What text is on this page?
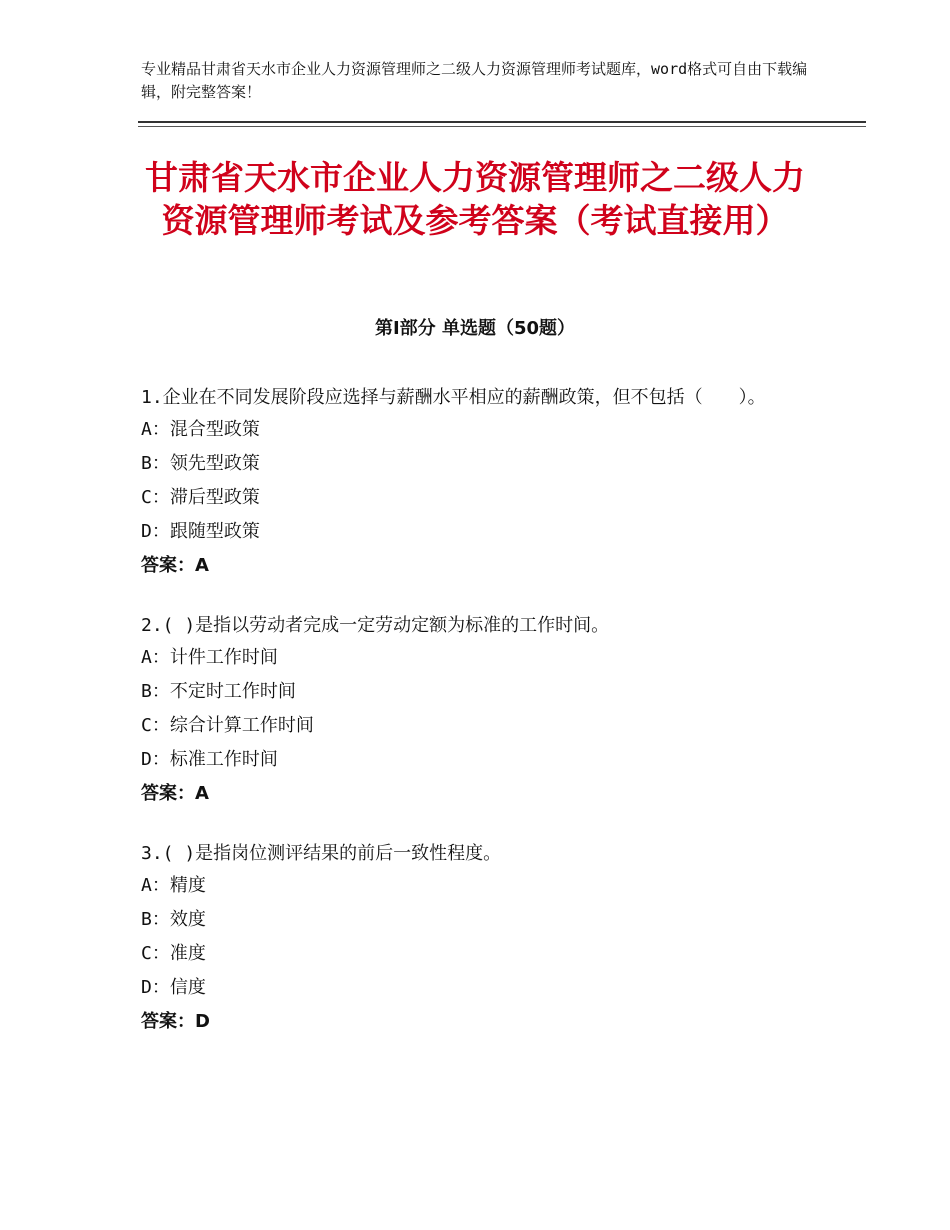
专业精品甘肃省天水市企业人力资源管理师之二级人力资源管理师考试题库，word格式可自由下载编辑，附完整答案！
甘肃省天水市企业人力资源管理师之二级人力资源管理师考试及参考答案（考试直接用）
第Ⅰ部分 单选题（50题）

1.企业在不同发展阶段应选择与薪酬水平相应的薪酬政策，但不包括（　　）。

A：混合型政策

B：领先型政策

C：滞后型政策

D：跟随型政策

答案：A

2.( )是指以劳动者完成一定劳动定额为标准的工作时间。

A：计件工作时间

B：不定时工作时间

C：综合计算工作时间

D：标准工作时间

答案：A

3.( )是指岗位测评结果的前后一致性程度。

A：精度

B：效度

C：准度

D：信度

答案：D
